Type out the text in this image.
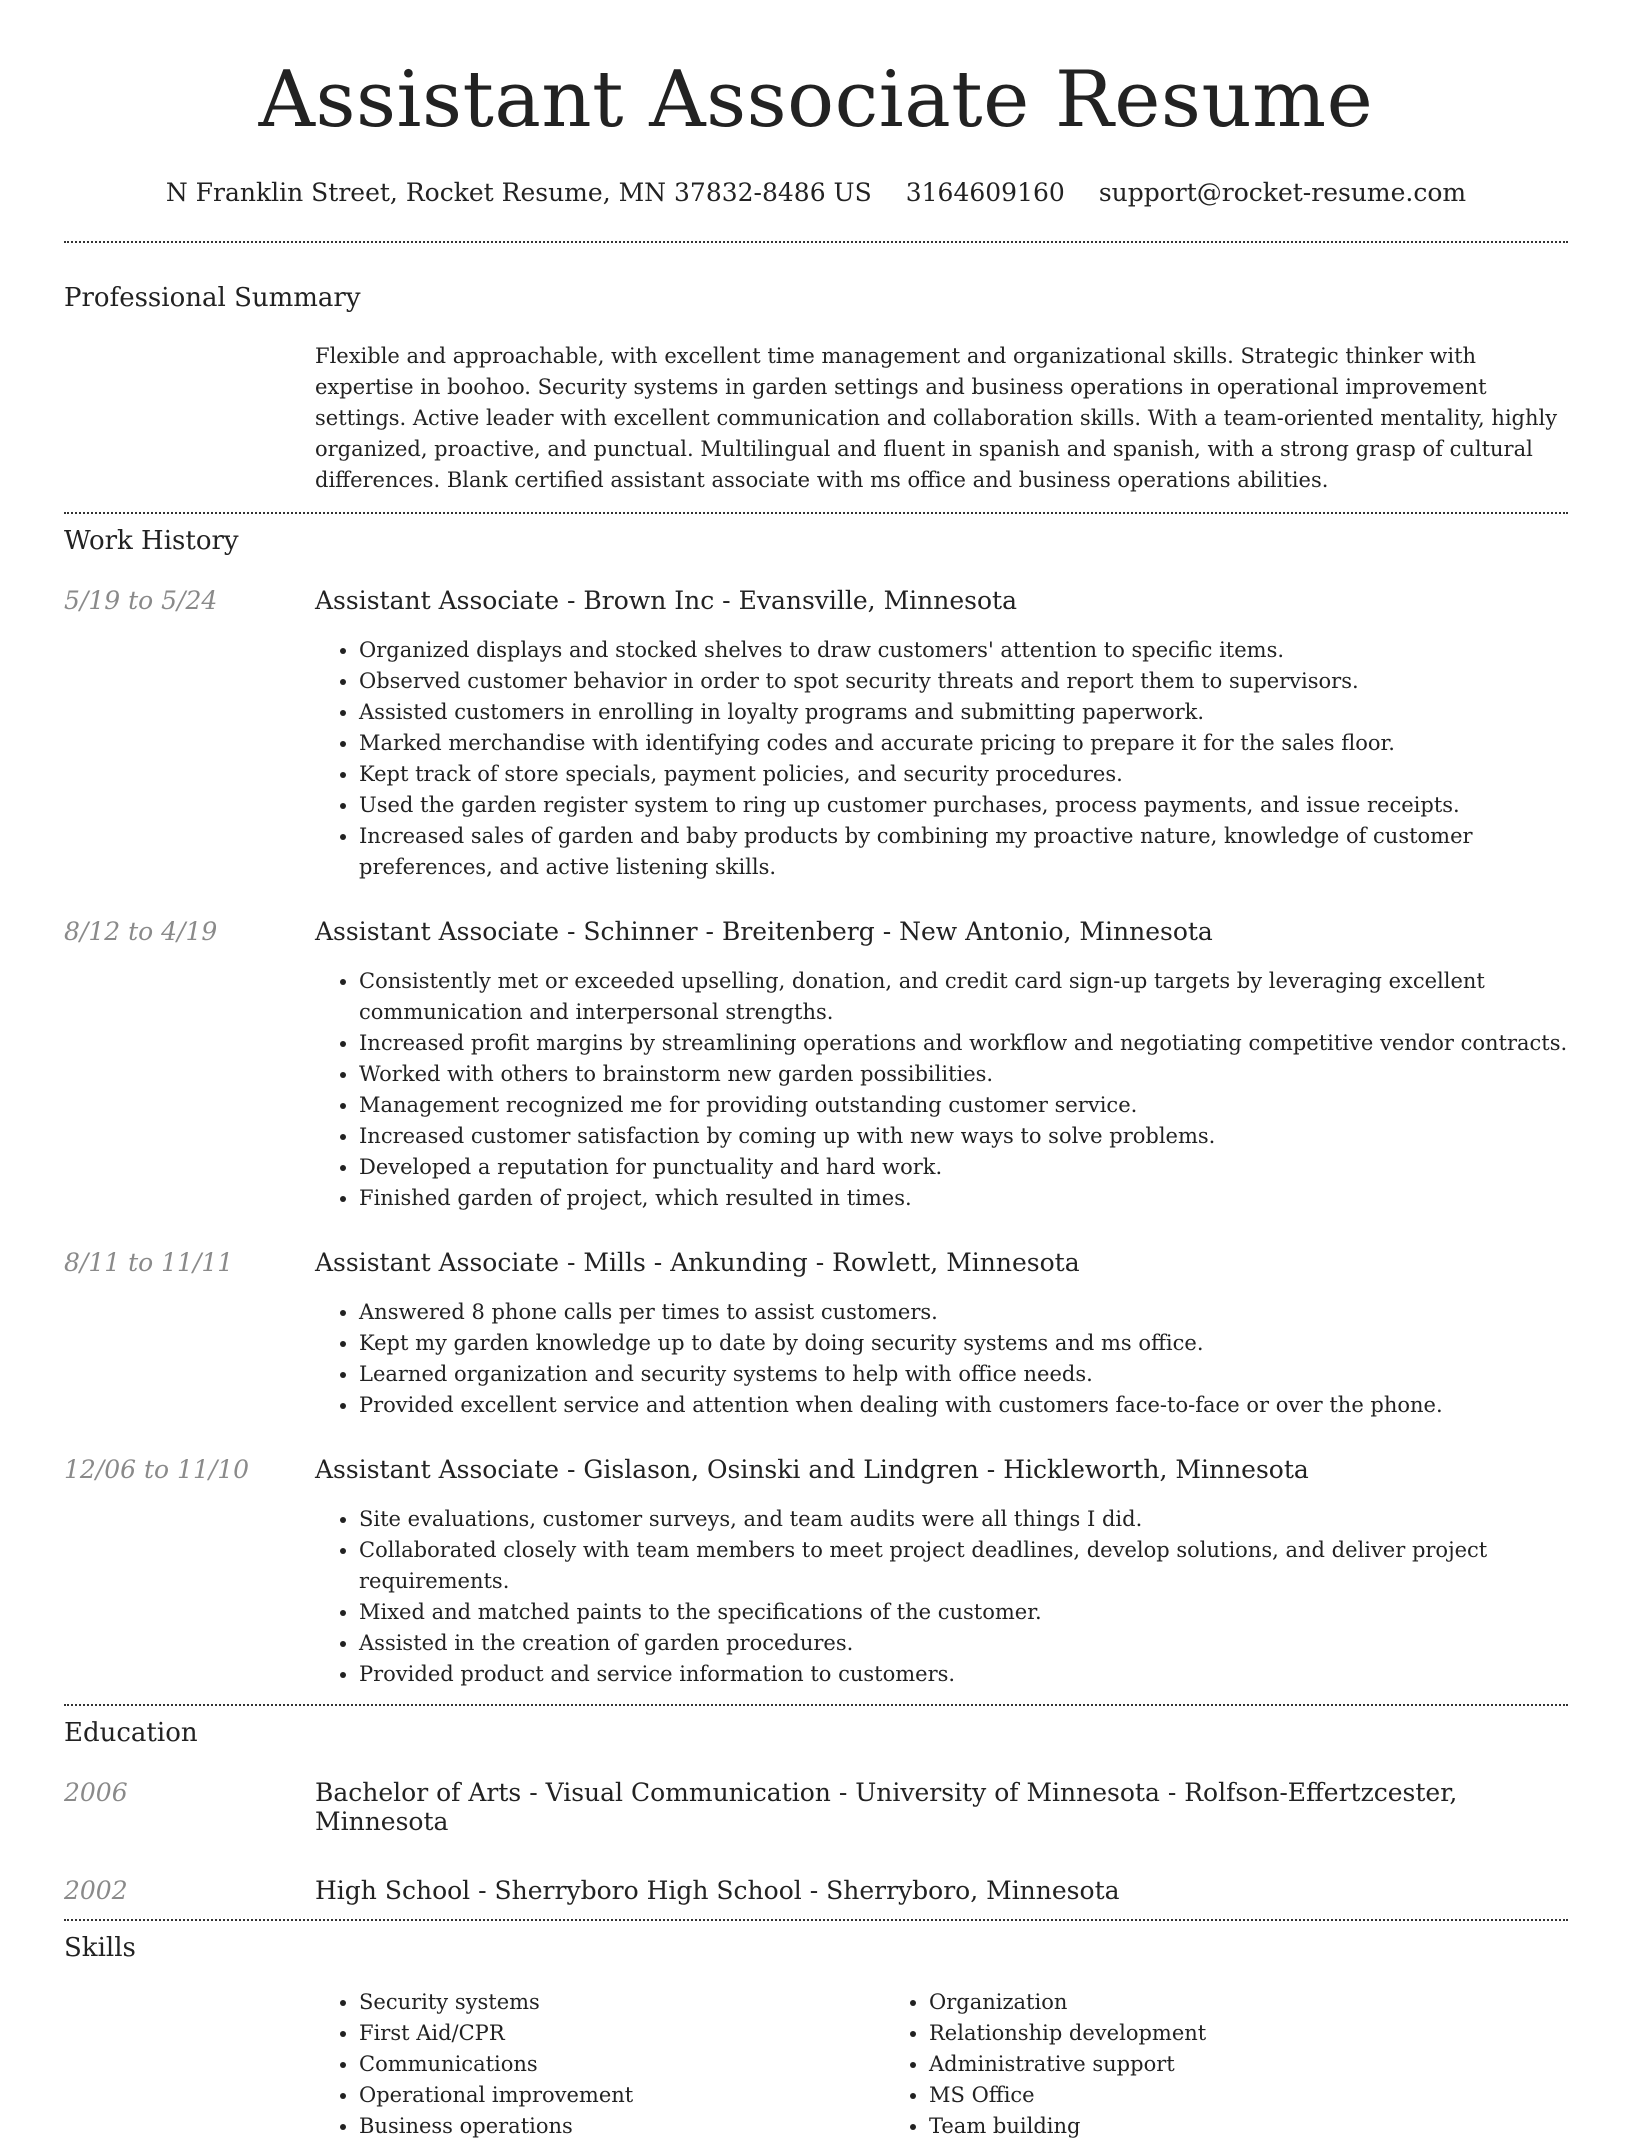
Assistant Associate Resume
N Franklin Street, Rocket Resume, MN 37832-8486 US 3164609160 support@rocket-resume.com
Professional Summary

Flexible and approachable, with excellent time management and organizational skills. Strategic thinker with expertise in boohoo. Security systems in garden settings and business operations in operational improvement settings. Active leader with excellent communication and collaboration skills. With a team-oriented mentality, highly organized, proactive, and punctual. Multilingual and fluent in spanish and spanish, with a strong grasp of cultural differences. Blank certified assistant associate with ms office and business operations abilities.

Work History
5/19 to 5/24	Assistant Associate - Brown Inc - Evansville, Minnesota
• Organized displays and stocked shelves to draw customers' attention to specific items.
• Observed customer behavior in order to spot security threats and report them to supervisors.
• Assisted customers in enrolling in loyalty programs and submitting paperwork.
• Marked merchandise with identifying codes and accurate pricing to prepare it for the sales floor.
• Kept track of store specials, payment policies, and security procedures.
• Used the garden register system to ring up customer purchases, process payments, and issue receipts.
• Increased sales of garden and baby products by combining my proactive nature, knowledge of customer preferences, and active listening skills.
8/12 to 4/19	Assistant Associate - Schinner - Breitenberg - New Antonio, Minnesota
• Consistently met or exceeded upselling, donation, and credit card sign-up targets by leveraging excellent communication and interpersonal strengths.
• Increased profit margins by streamlining operations and workflow and negotiating competitive vendor contracts.
• Worked with others to brainstorm new garden possibilities.
• Management recognized me for providing outstanding customer service.
• Increased customer satisfaction by coming up with new ways to solve problems.
• Developed a reputation for punctuality and hard work.
• Finished garden of project, which resulted in times.
8/11 to 11/11	Assistant Associate - Mills - Ankunding - Rowlett, Minnesota
• Answered 8 phone calls per times to assist customers.
• Kept my garden knowledge up to date by doing security systems and ms office.
• Learned organization and security systems to help with office needs.
• Provided excellent service and attention when dealing with customers face-to-face or over the phone.
12/06 to 11/10	Assistant Associate - Gislason, Osinski and Lindgren - Hickleworth, Minnesota
• Site evaluations, customer surveys, and team audits were all things I did.
• Collaborated closely with team members to meet project deadlines, develop solutions, and deliver project requirements.
• Mixed and matched paints to the specifications of the customer.
• Assisted in the creation of garden procedures.
• Provided product and service information to customers.
Education
2006	Bachelor of Arts - Visual Communication - University of Minnesota - Rolfson-Effertzcester, Minnesota
2002	High School - Sherryboro High School - Sherryboro, Minnesota
Skills
• Security systems
• First Aid/CPR
• Communications
• Operational improvement
• Business operations
• Organization
• Relationship development
• Administrative support
• MS Office
• Team building
